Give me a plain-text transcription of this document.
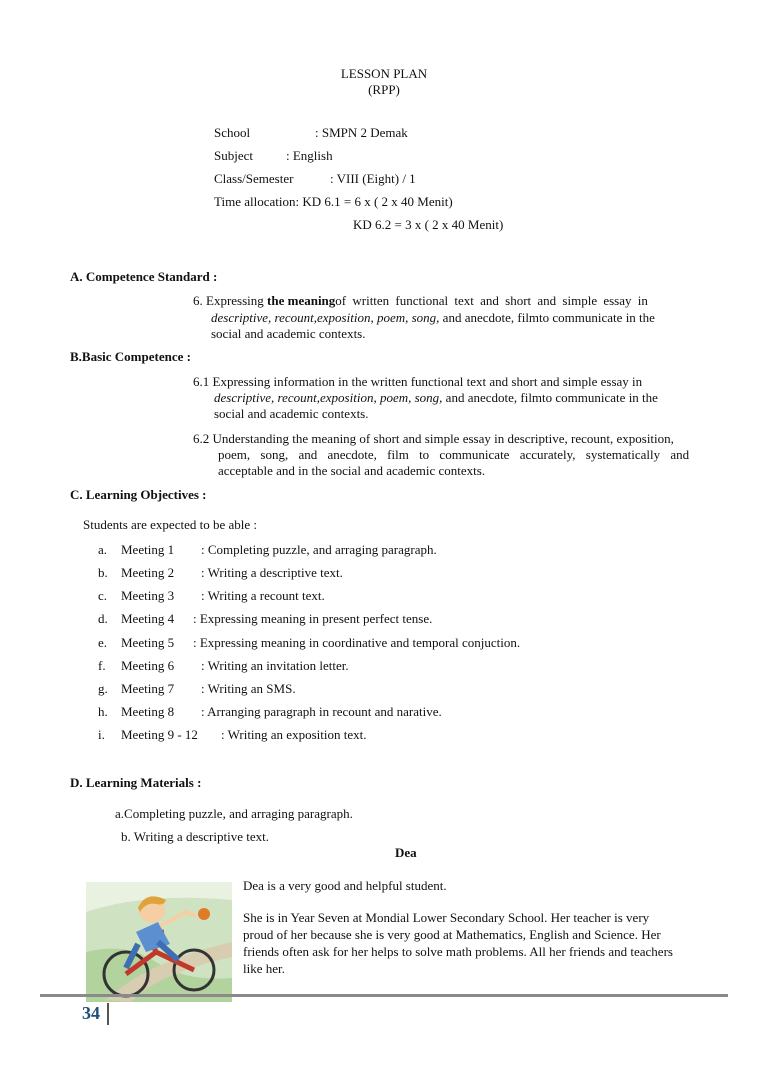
LESSON PLAN
(RPP)
School	: SMPN 2 Demak
Subject	: English
Class/Semester	: VIII (Eight) / 1
Time allocation: KD 6.1 = 6 x ( 2 x 40 Menit)
KD 6.2 = 3 x ( 2 x 40 Menit)
A. Competence Standard :
6. Expressing the meaningof written functional text and short and simple essay in
descriptive, recount,exposition, poem, song, and anecdote, filmto communicate in the
social and academic contexts.
B.Basic Competence :
6.1 Expressing information in the written functional text and short and simple essay in
descriptive, recount,exposition, poem, song, and anecdote, filmto communicate in the
social and academic contexts.
6.2 Understanding the meaning of short and simple essay in descriptive, recount, exposition,
poem, song, and anecdote, film to communicate accurately, systematically and
acceptable and in the social and academic contexts.
C. Learning Objectives :
Students are expected to be able :
a. Meeting 1 : Completing puzzle, and arraging paragraph.
b. Meeting 2 : Writing a descriptive text.
c. Meeting 3 : Writing a recount text.
d. Meeting 4 : Expressing meaning in present perfect tense.
e. Meeting 5 : Expressing meaning in coordinative and temporal conjuction.
f. Meeting 6 : Writing an invitation letter.
g. Meeting 7 : Writing an SMS.
h. Meeting 8 : Arranging paragraph in recount and narative.
i. Meeting 9 - 12 : Writing an exposition text.
D. Learning Materials :
a.Completing puzzle, and arraging paragraph.
b. Writing a descriptive text.
Dea
Dea is a very good and helpful student.
She is in Year Seven at Mondial Lower Secondary School. Her teacher is very
proud of her because she is very good at Mathematics, English and Science. Her
friends often ask for her helps to solve math problems. All her friends and teachers
like her.
34
